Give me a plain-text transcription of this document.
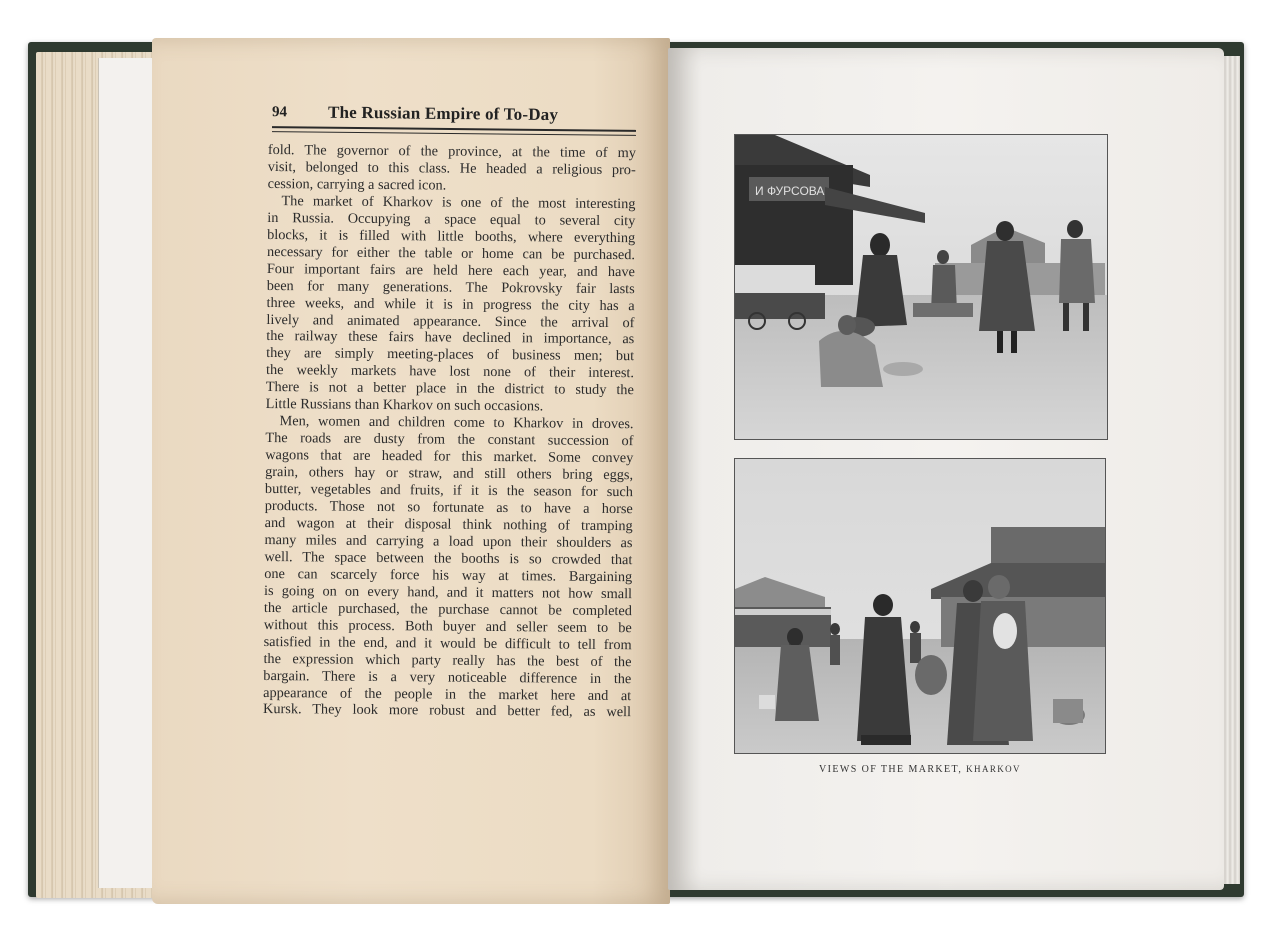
94 The Russian Empire of To-Day
fold. The governor of the province, at the time of my
visit, belonged to this class. He headed a religious pro-
cession, carrying a sacred icon.
The market of Kharkov is one of the most interesting
in Russia. Occupying a space equal to several city
blocks, it is filled with little booths, where everything
necessary for either the table or home can be purchased.
Four important fairs are held here each year, and have
been for many generations. The Pokrovsky fair lasts
three weeks, and while it is in progress the city has a
lively and animated appearance. Since the arrival of
the railway these fairs have declined in importance, as
they are simply meeting-places of business men; but
the weekly markets have lost none of their interest.
There is not a better place in the district to study the
Little Russians than Kharkov on such occasions.
Men, women and children come to Kharkov in droves.
The roads are dusty from the constant succession of
wagons that are headed for this market. Some convey
grain, others hay or straw, and still others bring eggs,
butter, vegetables and fruits, if it is the season for such
products. Those not so fortunate as to have a horse
and wagon at their disposal think nothing of tramping
many miles and carrying a load upon their shoulders as
well. The space between the booths is so crowded that
one can scarcely force his way at times. Bargaining
is going on on every hand, and it matters not how small
the article purchased, the purchase cannot be completed
without this process. Both buyer and seller seem to be
satisfied in the end, and it would be difficult to tell from
the expression which party really has the best of the
bargain. There is a very noticeable difference in the
appearance of the people in the market here and at
Kursk. They look more robust and better fed, as well
И ФУРСОВА
VIEWS OF THE MARKET, KHARKOV
